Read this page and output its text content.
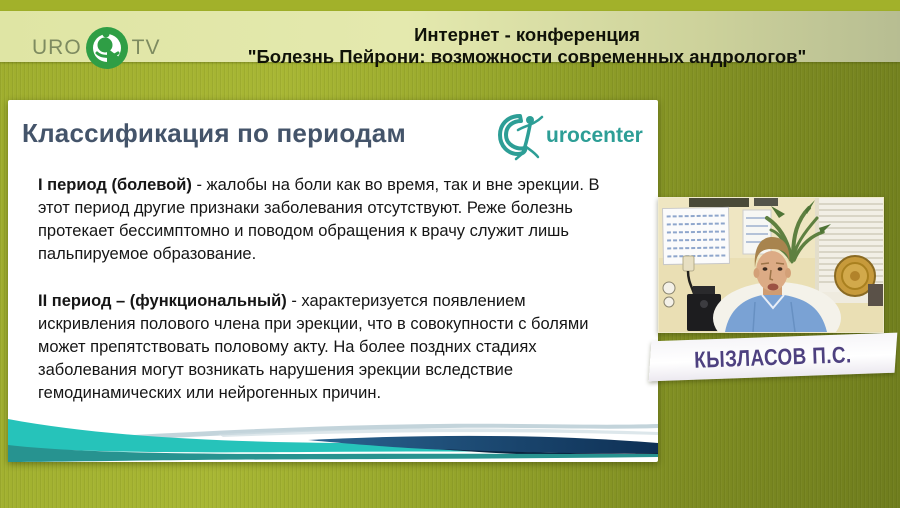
URO TV
Интернет - конференция
"Болезнь Пейрони: возможности современных андрологов"
Классификация по периодам	urocenter

I период (болевой) - жалобы на боли как во время, так и вне эрекции. В этот период другие признаки заболевания отсутствуют. Реже болезнь протекает бессимптомно и поводом обращения к врачу служит лишь пальпируемое образование.

II период – (функциональный) - характеризуется появлением искривления полового члена при эрекции, что в совокупности с болями может препятствовать половому акту. На более поздних стадиях заболевания могут возникать нарушения эрекции вследствие гемодинамических или нейрогенных причин.

КЫЗЛАСОВ П.С.
